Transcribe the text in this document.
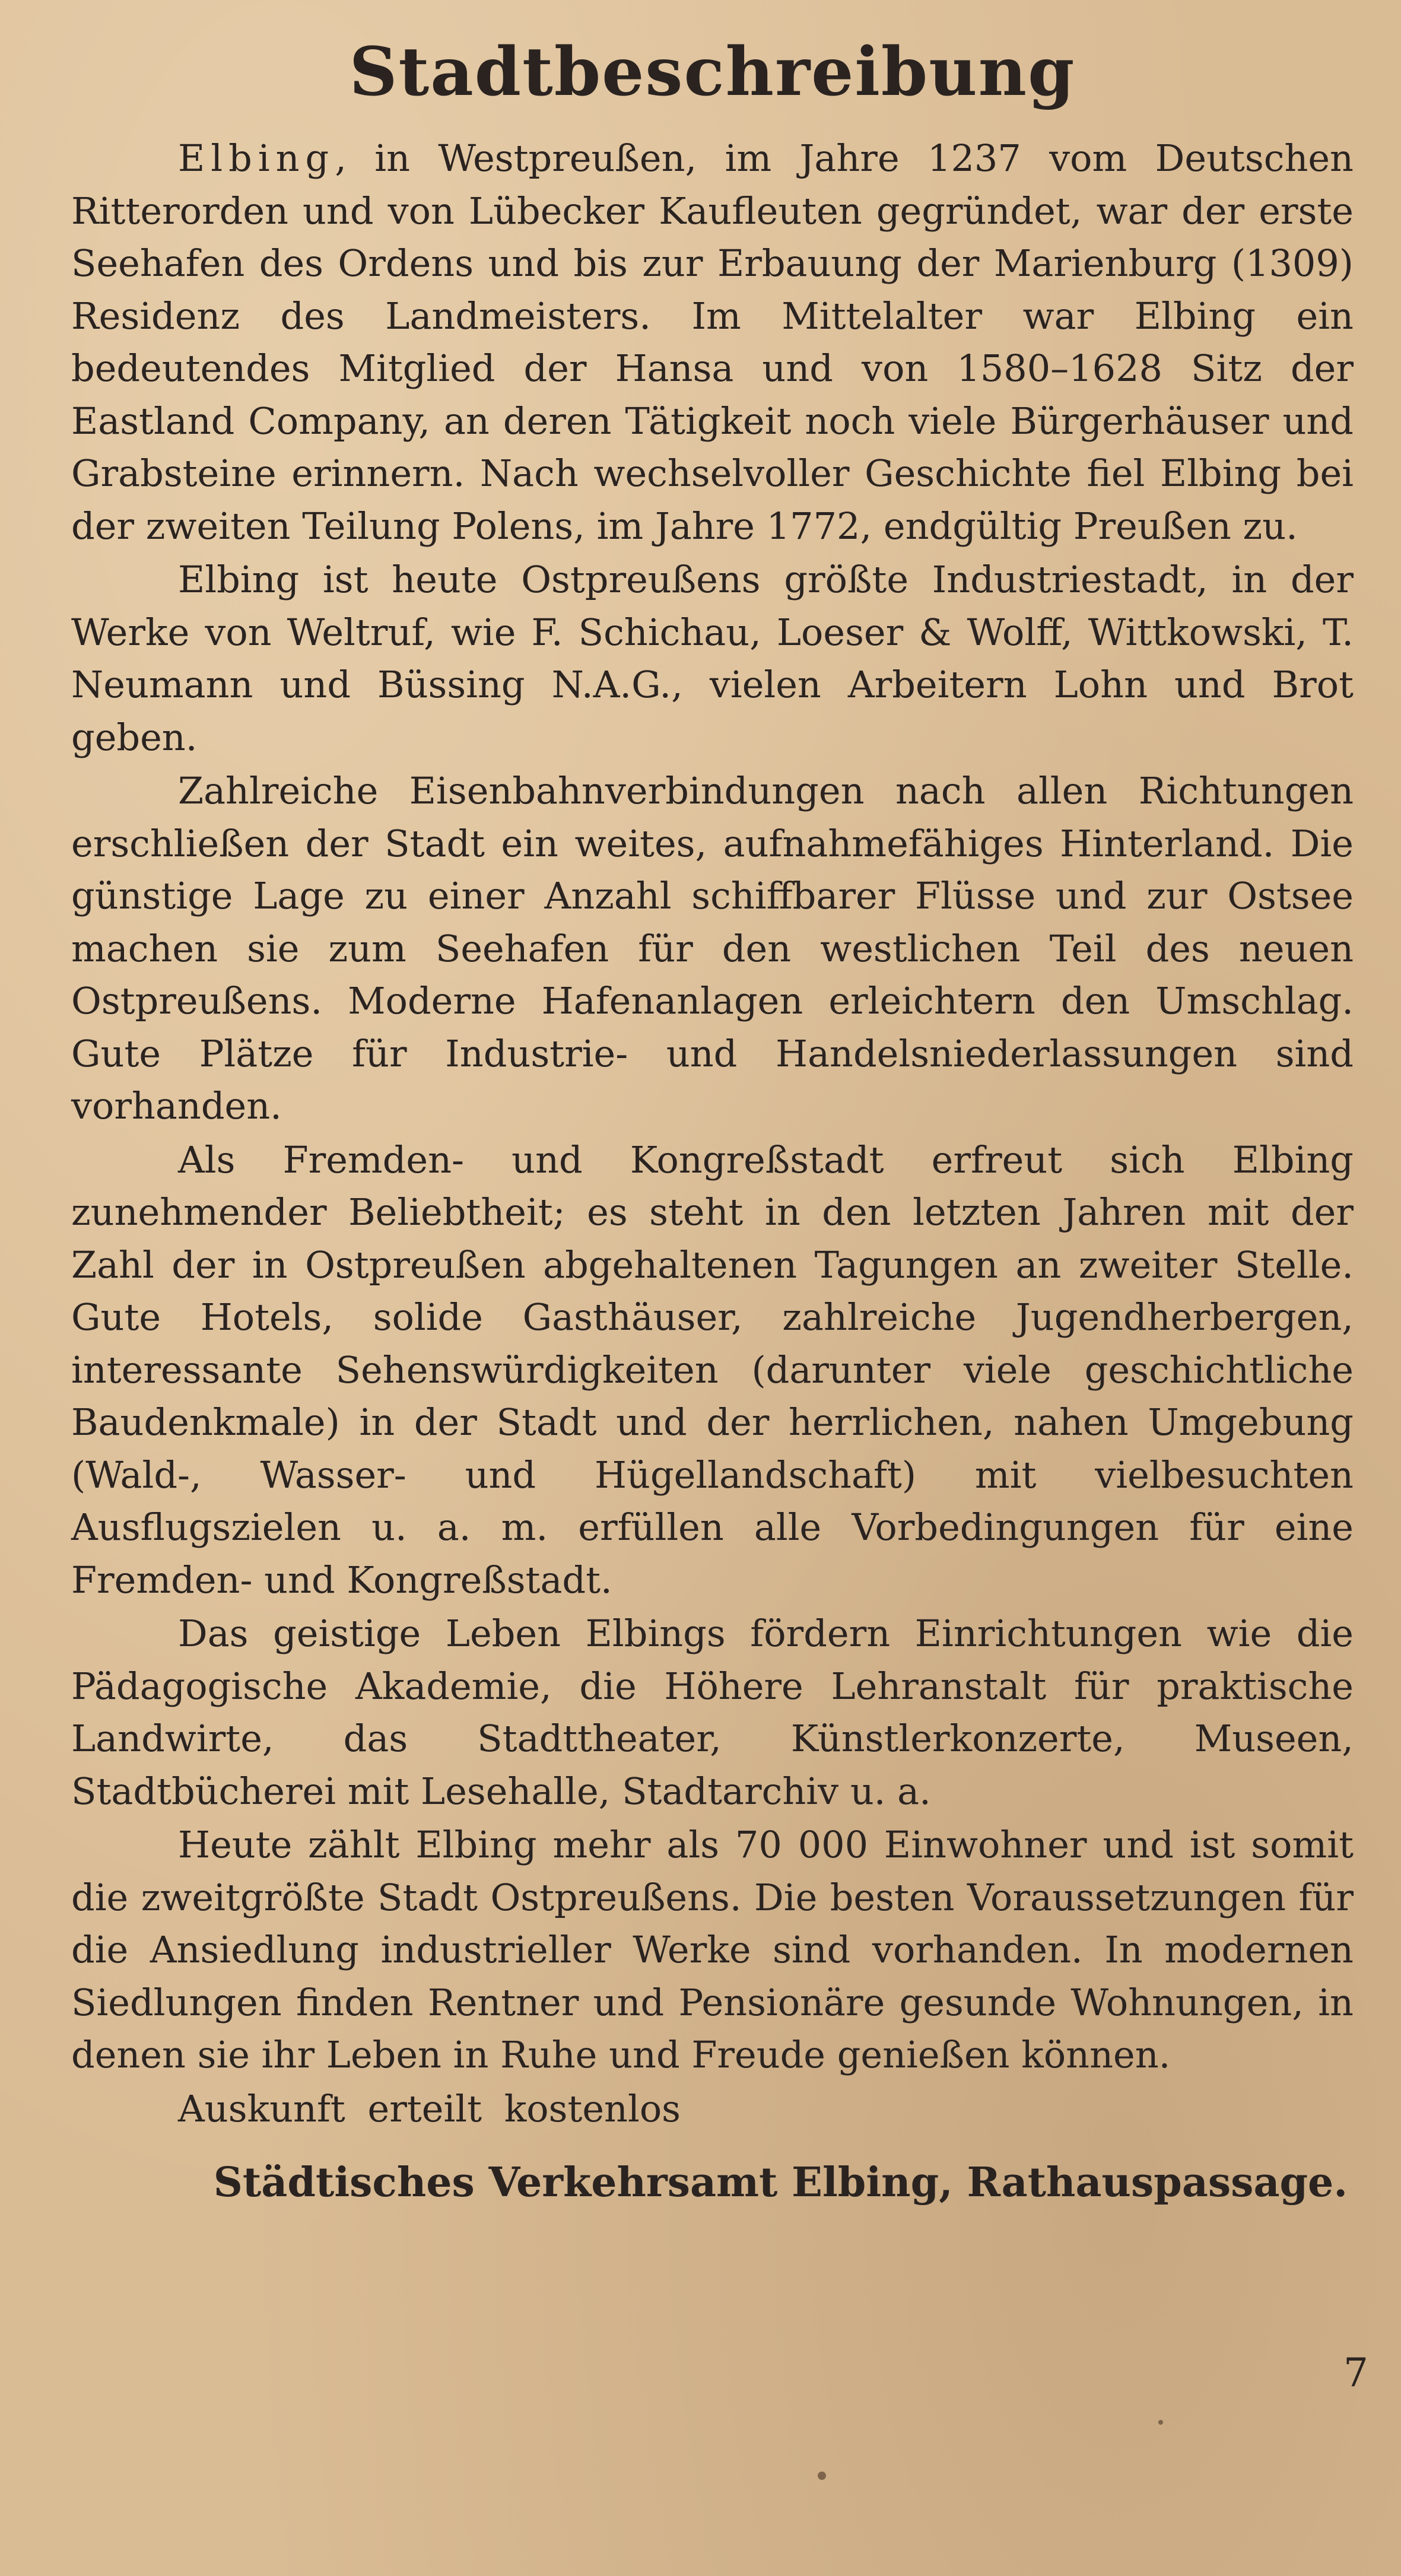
Stadtbeschreibung

Elbing, in Westpreußen, im Jahre 1237 vom Deutschen Ritterorden und von Lübecker Kaufleuten gegründet, war der erste Seehafen des Ordens und bis zur Erbauung der Marienburg (1309) Residenz des Landmeisters. Im Mittelalter war Elbing ein bedeutendes Mitglied der Hansa und von 1580–1628 Sitz der Eastland Company, an deren Tätigkeit noch viele Bürgerhäuser und Grabsteine erinnern. Nach wechselvoller Geschichte fiel Elbing bei der zweiten Teilung Polens, im Jahre 1772, endgültig Preußen zu.

Elbing ist heute Ostpreußens größte Industriestadt, in der Werke von Weltruf, wie F. Schichau, Loeser & Wolff, Wittkowski, T. Neumann und Büssing N.A.G., vielen Arbeitern Lohn und Brot geben.

Zahlreiche Eisenbahnverbindungen nach allen Richtungen erschließen der Stadt ein weites, aufnahmefähiges Hinterland. Die günstige Lage zu einer Anzahl schiffbarer Flüsse und zur Ostsee machen sie zum Seehafen für den westlichen Teil des neuen Ostpreußens. Moderne Hafenanlagen erleichtern den Umschlag. Gute Plätze für Industrie- und Handelsniederlassungen sind vorhanden.

Als Fremden- und Kongreßstadt erfreut sich Elbing zunehmender Beliebtheit; es steht in den letzten Jahren mit der Zahl der in Ostpreußen abgehaltenen Tagungen an zweiter Stelle. Gute Hotels, solide Gasthäuser, zahlreiche Jugendherbergen, interessante Sehenswürdigkeiten (darunter viele geschichtliche Baudenkmale) in der Stadt und der herrlichen, nahen Umgebung (Wald-, Wasser- und Hügellandschaft) mit vielbesuchten Ausflugszielen u. a. m. erfüllen alle Vorbedingungen für eine Fremden- und Kongreßstadt.

Das geistige Leben Elbings fördern Einrichtungen wie die Pädagogische Akademie, die Höhere Lehranstalt für praktische Landwirte, das Stadttheater, Künstlerkonzerte, Museen, Stadtbücherei mit Lesehalle, Stadtarchiv u. a.

Heute zählt Elbing mehr als 70 000 Einwohner und ist somit die zweitgrößte Stadt Ostpreußens. Die besten Voraussetzungen für die Ansiedlung industrieller Werke sind vorhanden. In modernen Siedlungen finden Rentner und Pensionäre gesunde Wohnungen, in denen sie ihr Leben in Ruhe und Freude genießen können.

Auskunft erteilt kostenlos

Städtisches Verkehrsamt Elbing, Rathauspassage.

7
